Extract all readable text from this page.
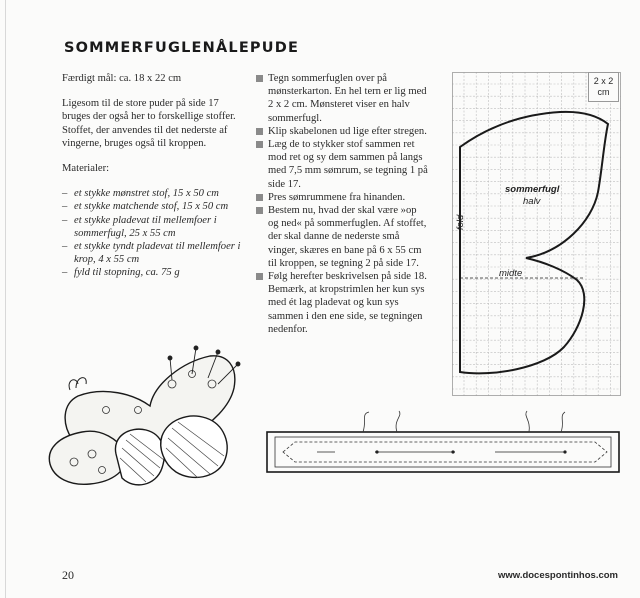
SOMMERFUGLENÅLEPUDE

Færdigt mål: ca. 18 x 22 cm

Ligesom til de store puder på side 17 bruges der også her to forskellige stoffer. Stoffet, der anvendes til det nederste af vingerne, bruges også til kroppen.

Materialer:

– et stykke mønstret stof, 15 x 50 cm
– et stykke matchende stof, 15 x 50 cm
– et stykke pladevat til mellemfoer i sommerfugl, 25 x 55 cm
– et stykke tyndt pladevat til mellemfoer i krop, 4 x 55 cm
– fyld til stopning, ca. 75 g
Tegn sommerfuglen over på mønsterkarton. En hel tern er lig med 2 x 2 cm. Mønsteret viser en halv sommerfugl.
Klip skabelonen ud lige efter stregen.
Læg de to stykker stof sammen ret mod ret og sy dem sammen på langs med 7,5 mm sømrum, se tegning 1 på side 17.
Pres sømrummene fra hinanden.
Bestem nu, hvad der skal være »op og ned« på sommerfuglen. Af stoffet, der skal danne de nederste små vinger, skæres en bane på 6 x 55 cm til kroppen, se tegning 2 på side 17.
Følg herefter beskrivelsen på side 18. Bemærk, at kropstrimlen her kun sys med ét lag pladevat og kun sys sammen i den ene side, se tegningen nedenfor.
2 x 2
cm
sommerfugl
halv
fold
midte
20	www.docespontinhos.com
